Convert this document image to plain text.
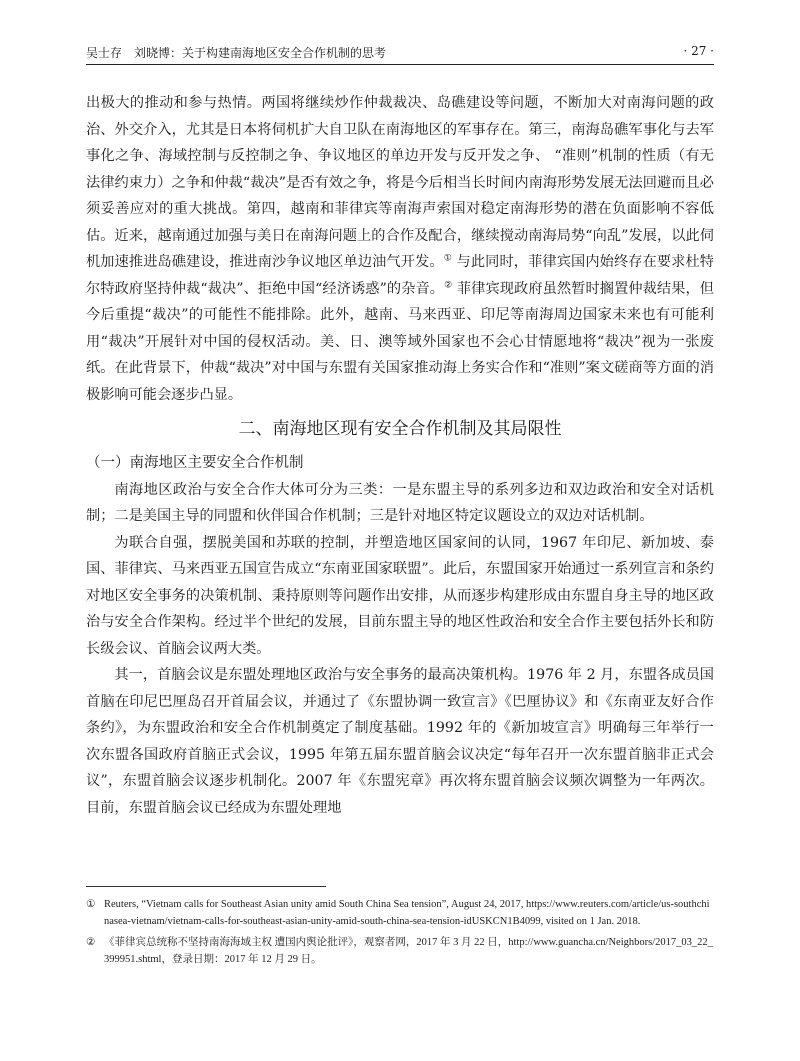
吴士存　刘晓博：关于构建南海地区安全合作机制的思考	· 27 ·

出极大的推动和参与热情。两国将继续炒作仲裁裁决、岛礁建设等问题，不断加大对南海问题的政治、外交介入，尤其是日本将伺机扩大自卫队在南海地区的军事存在。第三，南海岛礁军事化与去军事化之争、海域控制与反控制之争、争议地区的单边开发与反开发之争、 “准则”机制的性质（有无法律约束力）之争和仲裁“裁决”是否有效之争，将是今后相当长时间内南海形势发展无法回避而且必须妥善应对的重大挑战。第四，越南和菲律宾等南海声索国对稳定南海形势的潜在负面影响不容低估。近来，越南通过加强与美日在南海问题上的合作及配合，继续搅动南海局势“向乱”发展，以此伺机加速推进岛礁建设，推进南沙争议地区单边油气开发。① 与此同时，菲律宾国内始终存在要求杜特尔特政府坚持仲裁“裁决”、拒绝中国“经济诱惑”的杂音。② 菲律宾现政府虽然暂时搁置仲裁结果，但今后重提“裁决”的可能性不能排除。此外，越南、马来西亚、印尼等南海周边国家未来也有可能利用“裁决”开展针对中国的侵权活动。美、日、澳等域外国家也不会心甘情愿地将“裁决”视为一张废纸。在此背景下，仲裁“裁决”对中国与东盟有关国家推动海上务实合作和“准则”案文磋商等方面的消极影响可能会逐步凸显。

二、南海地区现有安全合作机制及其局限性

（一）南海地区主要安全合作机制

南海地区政治与安全合作大体可分为三类：一是东盟主导的系列多边和双边政治和安全对话机制；二是美国主导的同盟和伙伴国合作机制；三是针对地区特定议题设立的双边对话机制。

为联合自强，摆脱美国和苏联的控制，并塑造地区国家间的认同，1967 年印尼、新加坡、泰国、菲律宾、马来西亚五国宣告成立“东南亚国家联盟”。此后，东盟国家开始通过一系列宣言和条约对地区安全事务的决策机制、秉持原则等问题作出安排，从而逐步构建形成由东盟自身主导的地区政治与安全合作架构。经过半个世纪的发展，目前东盟主导的地区性政治和安全合作主要包括外长和防长级会议、首脑会议两大类。

其一，首脑会议是东盟处理地区政治与安全事务的最高决策机构。1976 年 2 月，东盟各成员国首脑在印尼巴厘岛召开首届会议，并通过了《东盟协调一致宣言》《巴厘协议》和《东南亚友好合作条约》，为东盟政治和安全合作机制奠定了制度基础。1992 年的《新加坡宣言》明确每三年举行一次东盟各国政府首脑正式会议，1995 年第五届东盟首脑会议决定“每年召开一次东盟首脑非正式会议”，东盟首脑会议逐步机制化。2007 年《东盟宪章》再次将东盟首脑会议频次调整为一年两次。目前，东盟首脑会议已经成为东盟处理地

① Reuters, “Vietnam calls for Southeast Asian unity amid South China Sea tension”, August 24, 2017, https://www.reuters.com/article/us-southchinasea-vietnam/vietnam-calls-for-southeast-asian-unity-amid-south-china-sea-tension-idUSKCN1B4099, visited on 1 Jan. 2018.
② 《菲律宾总统称不坚持南海海域主权 遭国内舆论批评》，观察者网，2017 年 3 月 22 日，http://www.guancha.cn/Neighbors/2017_03_22_399951.shtml，登录日期：2017 年 12 月 29 日。
